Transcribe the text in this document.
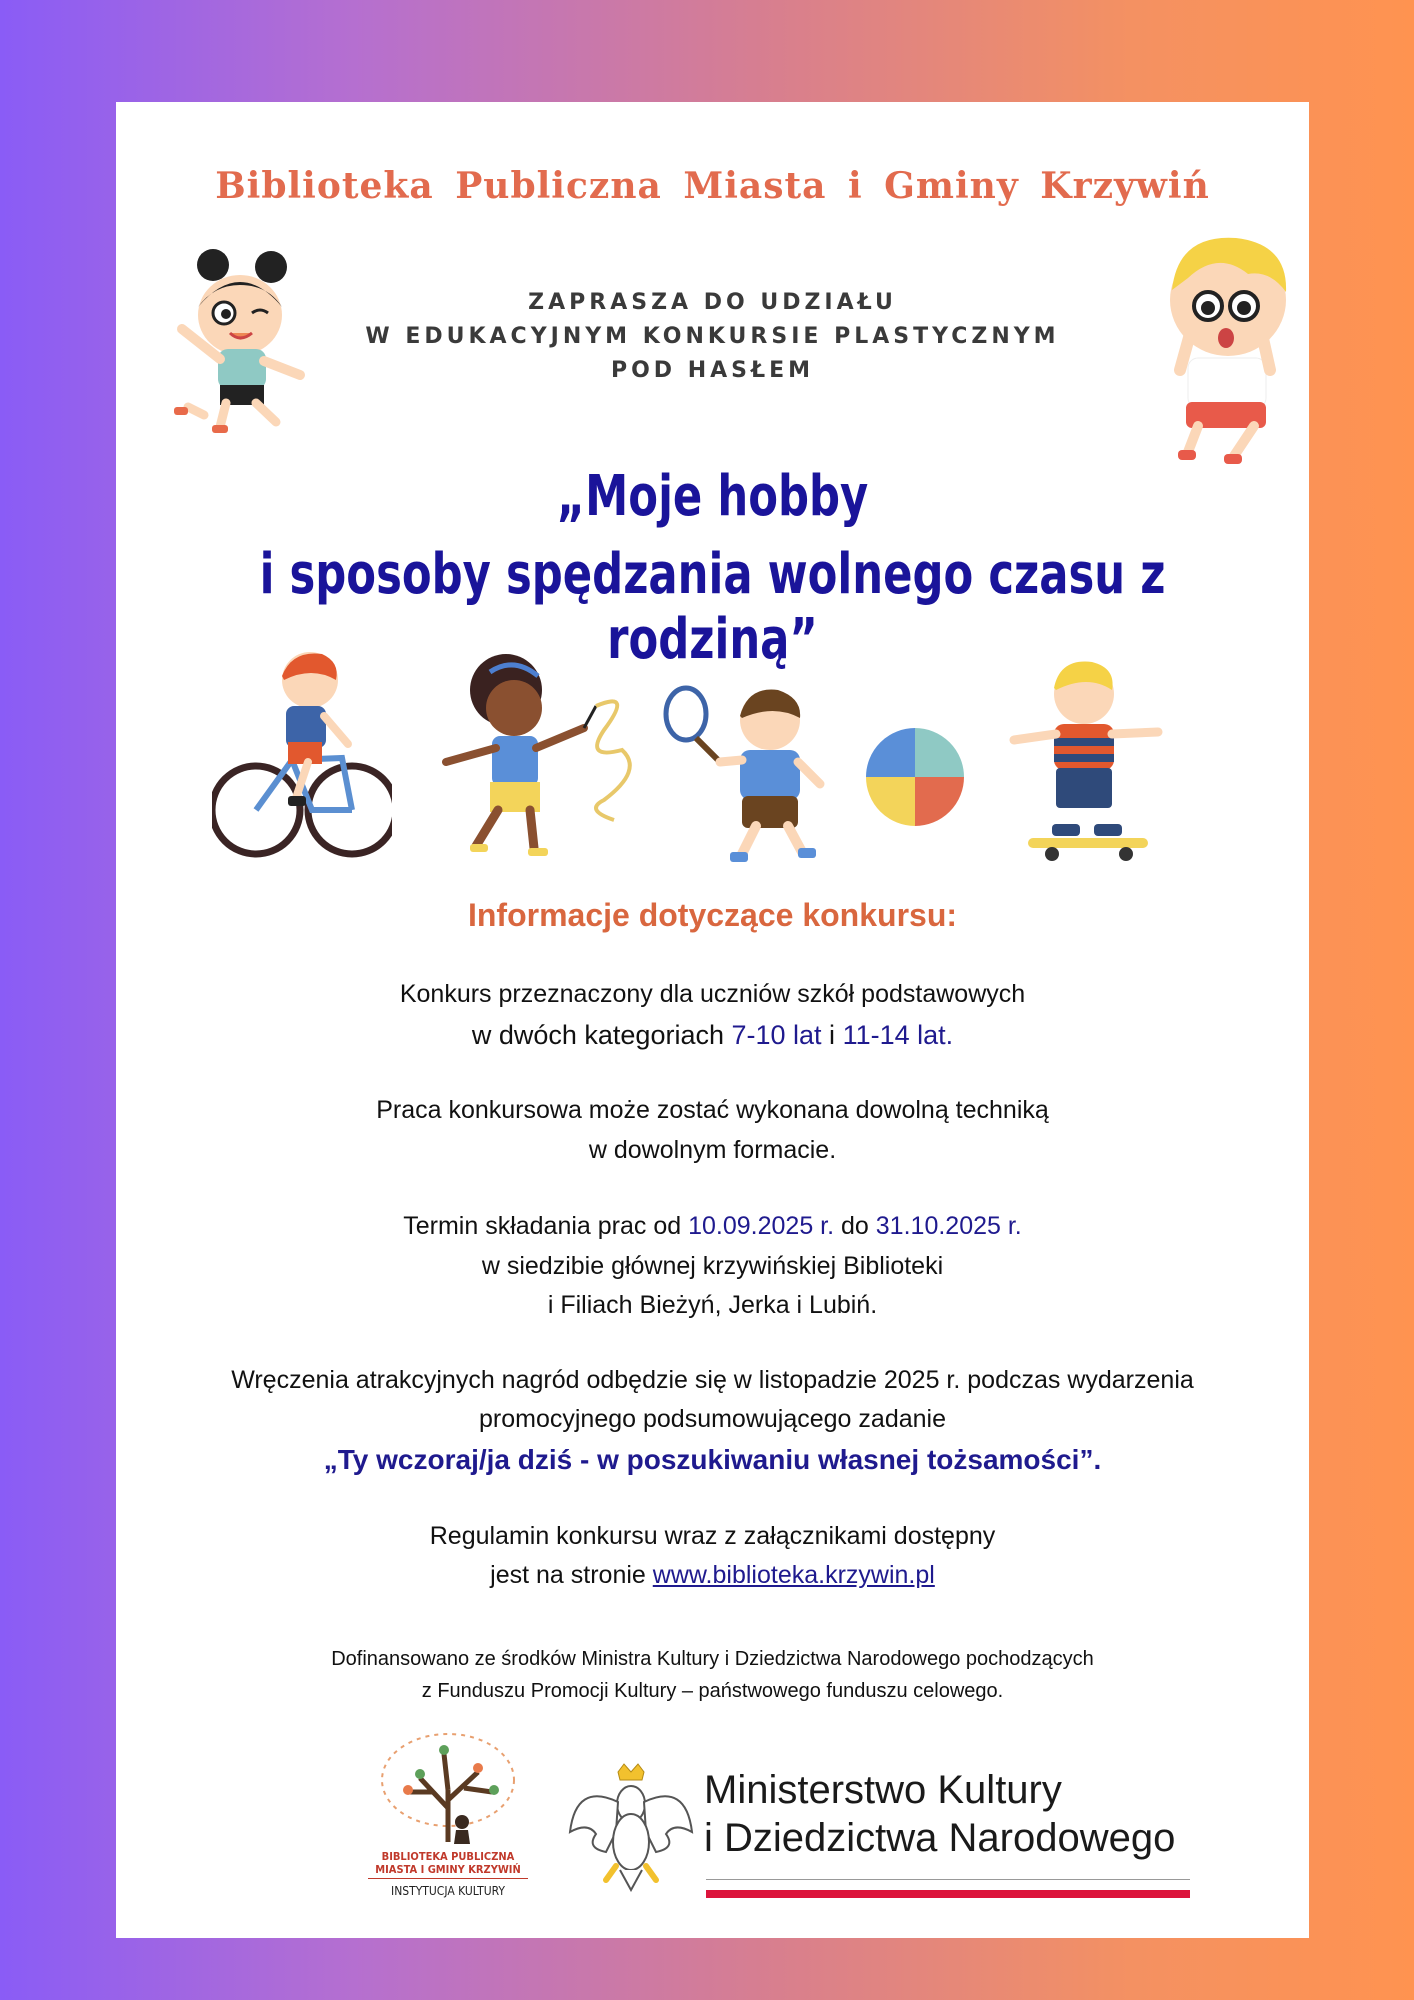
Biblioteka Publiczna Miasta i Gminy Krzywiń
ZAPRASZA DO UDZIAŁU
W EDUKACYJNYM KONKURSIE PLASTYCZNYM
POD HASŁEM
„Moje hobby
i sposoby spędzania wolnego czasu z rodziną”
Informacje dotyczące konkursu:
Konkurs przeznaczony dla uczniów szkół podstawowych
w dwóch kategoriach 7-10 lat i 11-14 lat.
Praca konkursowa może zostać wykonana dowolną techniką
w dowolnym formacie.
Termin składania prac od 10.09.2025 r. do 31.10.2025 r.
w siedzibie głównej krzywińskiej Biblioteki
i Filiach Bieżyń, Jerka i Lubiń.
Wręczenia atrakcyjnych nagród odbędzie się w listopadzie 2025 r. podczas wydarzenia
promocyjnego podsumowującego zadanie
„Ty wczoraj/ja dziś - w poszukiwaniu własnej tożsamości”.
Regulamin konkursu wraz z załącznikami dostępny
jest na stronie www.biblioteka.krzywin.pl
Dofinansowano ze środków Ministra Kultury i Dziedzictwa Narodowego pochodzących
z Funduszu Promocji Kultury – państwowego funduszu celowego.
BIBLIOTEKA PUBLICZNA
MIASTA I GMINY KRZYWIŃ
INSTYTUCJA KULTURY
Ministerstwo Kultury
i Dziedzictwa Narodowego
